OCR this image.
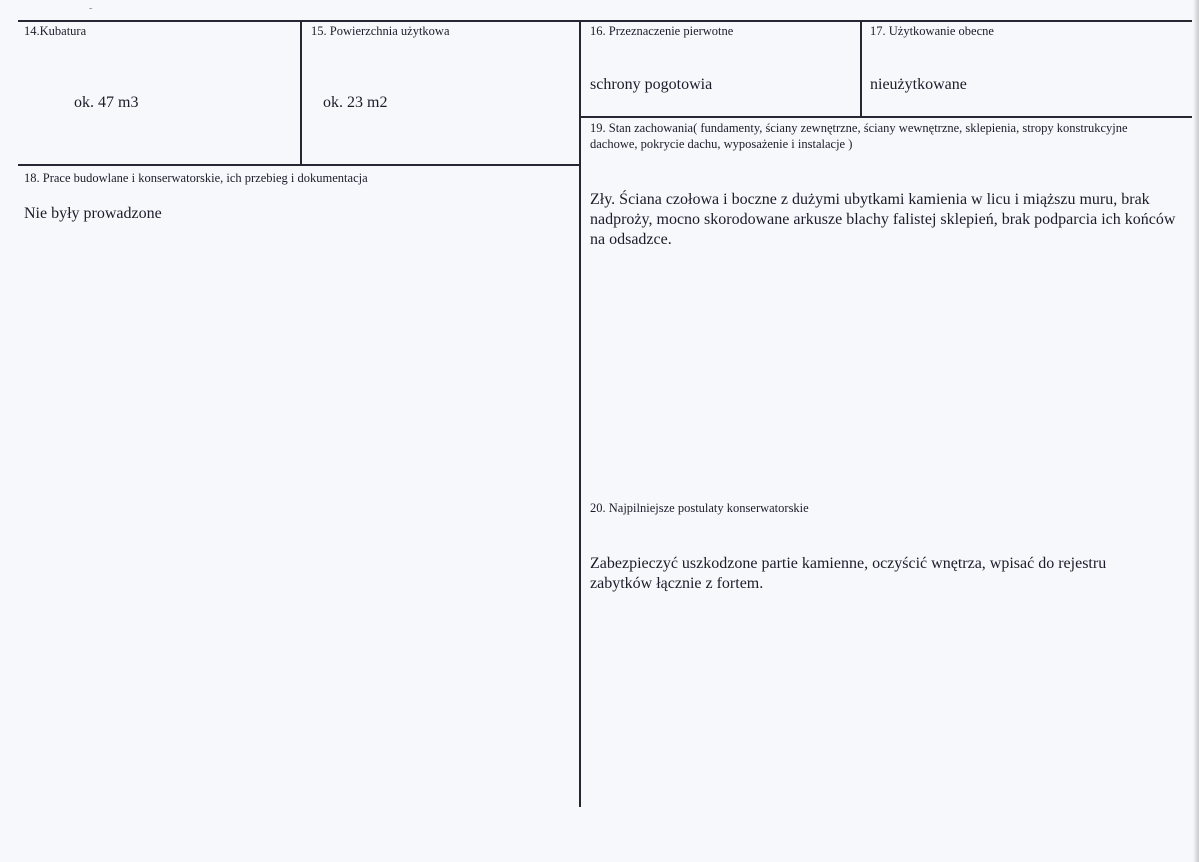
˜
14.Kubatura
ok. 47 m3
15. Powierzchnia użytkowa
ok. 23 m2
16. Przeznaczenie pierwotne
schrony pogotowia
17. Użytkowanie obecne
nieużytkowane
18. Prace budowlane i konserwatorskie, ich przebieg i dokumentacja
Nie były prowadzone
19. Stan zachowania( fundamenty, ściany zewnętrzne, ściany wewnętrzne, sklepienia, stropy konstrukcyjne dachowe, pokrycie dachu, wyposażenie i instalacje )
Zły. Ściana czołowa i boczne z dużymi ubytkami kamienia w licu i miąższu muru, brak nadproży, mocno skorodowane arkusze blachy falistej sklepień, brak podparcia ich końców na odsadzce.
20. Najpilniejsze postulaty konserwatorskie
Zabezpieczyć uszkodzone partie kamienne, oczyścić wnętrza, wpisać do rejestru zabytków łącznie z fortem.
